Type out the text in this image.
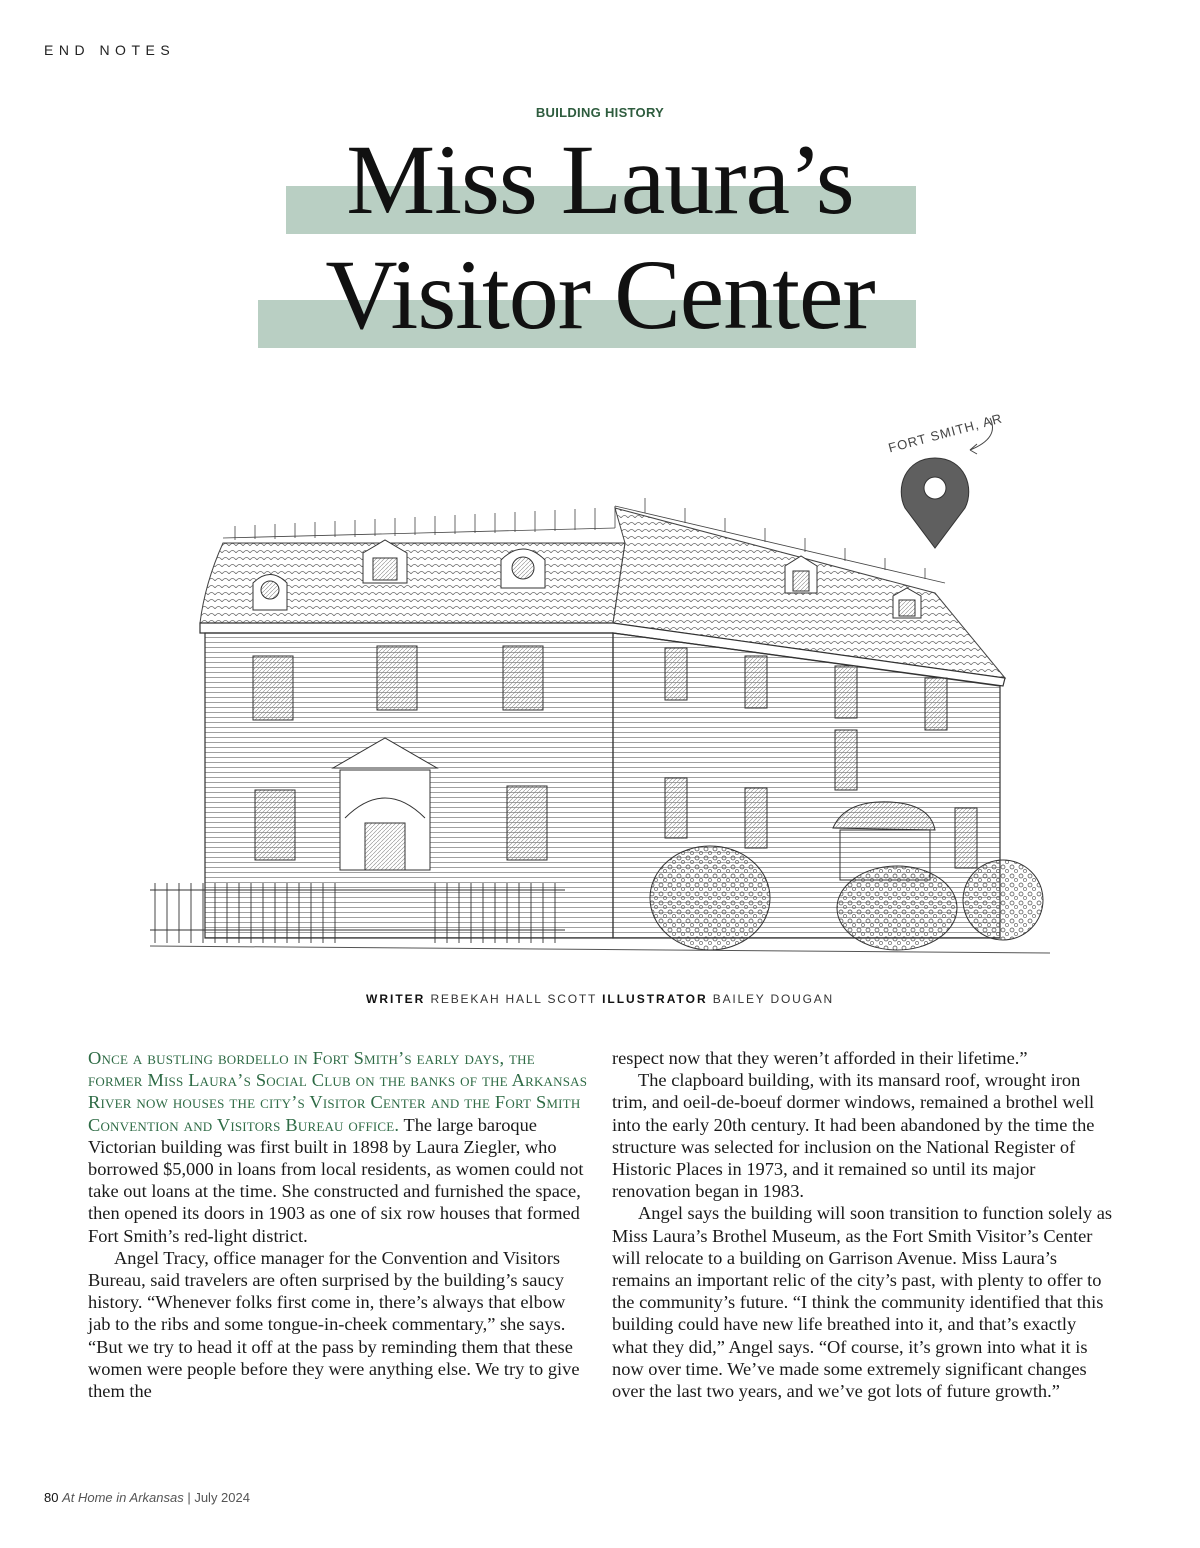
END NOTES
BUILDING HISTORY
Miss Laura’s
Visitor Center
FORT SMITH, AR
WRITER REBEKAH HALL SCOTT ILLUSTRATOR BAILEY DOUGAN

Once a bustling bordello in Fort Smith’s early days, the former Miss Laura’s Social Club on the banks of the Arkansas River now houses the city’s Visitor Center and the Fort Smith Convention and Visitors Bureau office. The large baroque Victorian building was first built in 1898 by Laura Ziegler, who borrowed $5,000 in loans from local residents, as women could not take out loans at the time. She constructed and furnished the space, then opened its doors in 1903 as one of six row houses that formed Fort Smith’s red-light district.

Angel Tracy, office manager for the Convention and Visitors Bureau, said travelers are often surprised by the building’s saucy history. “Whenever folks first come in, there’s always that elbow jab to the ribs and some tongue-in-cheek commentary,” she says. “But we try to head it off at the pass by reminding them that these women were people before they were anything else. We try to give them the

respect now that they weren’t afforded in their lifetime.”

The clapboard building, with its mansard roof, wrought iron trim, and oeil-de-boeuf dormer windows, remained a brothel well into the early 20th century. It had been abandoned by the time the structure was selected for inclusion on the National Register of Historic Places in 1973, and it remained so until its major renovation began in 1983.

Angel says the building will soon transition to function solely as Miss Laura’s Brothel Museum, as the Fort Smith Visitor’s Center will relocate to a building on Garrison Avenue. Miss Laura’s remains an important relic of the city’s past, with plenty to offer to the community’s future. “I think the community identified that this building could have new life breathed into it, and that’s exactly what they did,” Angel says. “Of course, it’s grown into what it is now over time. We’ve made some extremely significant changes over the last two years, and we’ve got lots of future growth.”

80 At Home in Arkansas | July 2024
